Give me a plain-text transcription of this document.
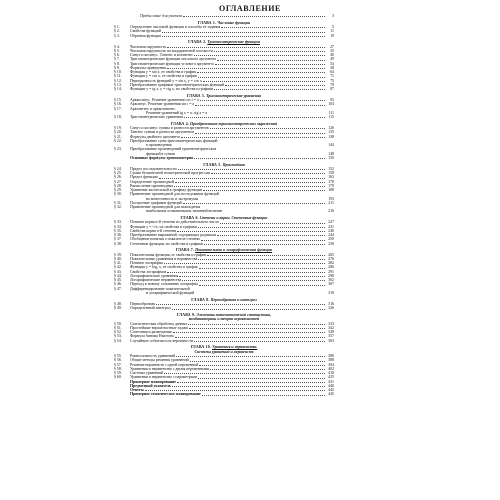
ОГЛАВЛЕНИЕ
Предисловие для учителя	3
ГЛАВА 1. Числовые функции
§ 1.	Определение числовой функции и способы ее задания	5
§ 2.	Свойства функций	11
§ 3.	Обратная функция	19
ГЛАВА 2. Тригонометрические функции
§ 4.	Числовая окружность	27
§ 5.	Числовая окружность на координатной плоскости	35
§ 6.	Синус и косинус. Тангенс и котангенс	40
§ 7.	Тригонометрические функции числового аргумента	49
§ 8.	Тригонометрические функции углового аргумента	54
§ 9.	Формулы приведения	58
§ 10.	Функция y = sin x, ее свойства и график	64
§ 11.	Функция y = cos x, ее свойства и график	71
§ 12.	Периодичность функций y = sin x, y = cos x	75
§ 13.	Преобразование графиков тригонометрических функций	79
§ 14.	Функции y = tg x, y = ctg x, их свойства и графики	87
ГЛАВА 3. Тригонометрические уравнения
§ 15.	Арккосинус. Решение уравнения cos t = a	93
§ 16.	Арксинус. Решение уравнения sin t = a	104
§ 17.	Арктангенс и арккотангенс.
Решение уравнений tg x = a, ctg x = a	111
§ 18.	Тригонометрические уравнения	115
ГЛАВА 4. Преобразование тригонометрических выражений
§ 19.	Синус и косинус суммы и разности аргументов	126
§ 20.	Тангенс суммы и разности аргументов	135
§ 21.	Формулы двойного аргумента	138
§ 22.	Преобразование сумм тригонометрических функций
в произведения	144
§ 23.	Преобразование произведений тригонометрических
функций в суммы	148
Основные формулы тригонометрии	150
ГЛАВА 5. Производная
§ 24.	Предел последовательности	152
§ 25.	Сумма бесконечной геометрической прогрессии	158
§ 26.	Предел функции	163
§ 27.	Определение производной	170
§ 28.	Вычисление производных	179
§ 29.	Уравнение касательной к графику функции	188
§ 30.	Применение производной для исследования функций
на монотонность и экстремумы	193
§ 31.	Построение графиков функций	211
§ 32.	Применение производной для нахождения
наибольших и наименьших значений величин	216
ГЛАВА 6. Степени и корни. Степенные функции
§ 33.	Понятие корня n-й степени из действительного числа	227
§ 34.	Функции y = ⁿ√x, их свойства и графики	231
§ 35.	Свойства корня n-й степени	240
§ 36.	Преобразование выражений, содержащих радикалы	244
§ 37.	Обобщение понятия о показателе степени	250
§ 38.	Степенные функции, их свойства и графики	258
ГЛАВА 7. Показательная и логарифмическая функции
§ 39.	Показательная функция, ее свойства и график	265
§ 40.	Показательные уравнения и неравенства	276
§ 41.	Понятие логарифма	282
§ 42.	Функция y = logₐ x, ее свойства и график	286
§ 43.	Свойства логарифмов	291
§ 44.	Логарифмические уравнения	298
§ 45.	Логарифмические неравенства	302
§ 46.	Переход к новому основанию логарифма	307
§ 47.	Дифференцирование показательной
и логарифмической функций	310
ГЛАВА 8. Первообразная и интеграл
§ 48.	Первообразная	316
§ 49.	Определенный интеграл	326
ГЛАВА 9. Элементы математической статистики,
комбинаторики и теории вероятностей
§ 50.	Статистическая обработка данных	333
§ 51.	Простейшие вероятностные задачи	342
§ 52.	Сочетания и размещения	349
§ 53.	Формула бинома Ньютона	357
§ 54.	Случайные события и их вероятности	363
ГЛАВА 10. Уравнения и неравенства.
Системы уравнений и неравенств
§ 55.	Равносильность уравнений	380
§ 56.	Общие методы решения уравнений	388
§ 57.	Решение неравенств с одной переменной	394
§ 58.	Уравнения и неравенства с двумя переменными	402
§ 59.	Системы уравнений	410
§ 60.	Уравнения и неравенства с параметрами	425
Примерное планирование	431
Предметный указатель	440
Ответы	442
Примерное тематическое планирование	445
